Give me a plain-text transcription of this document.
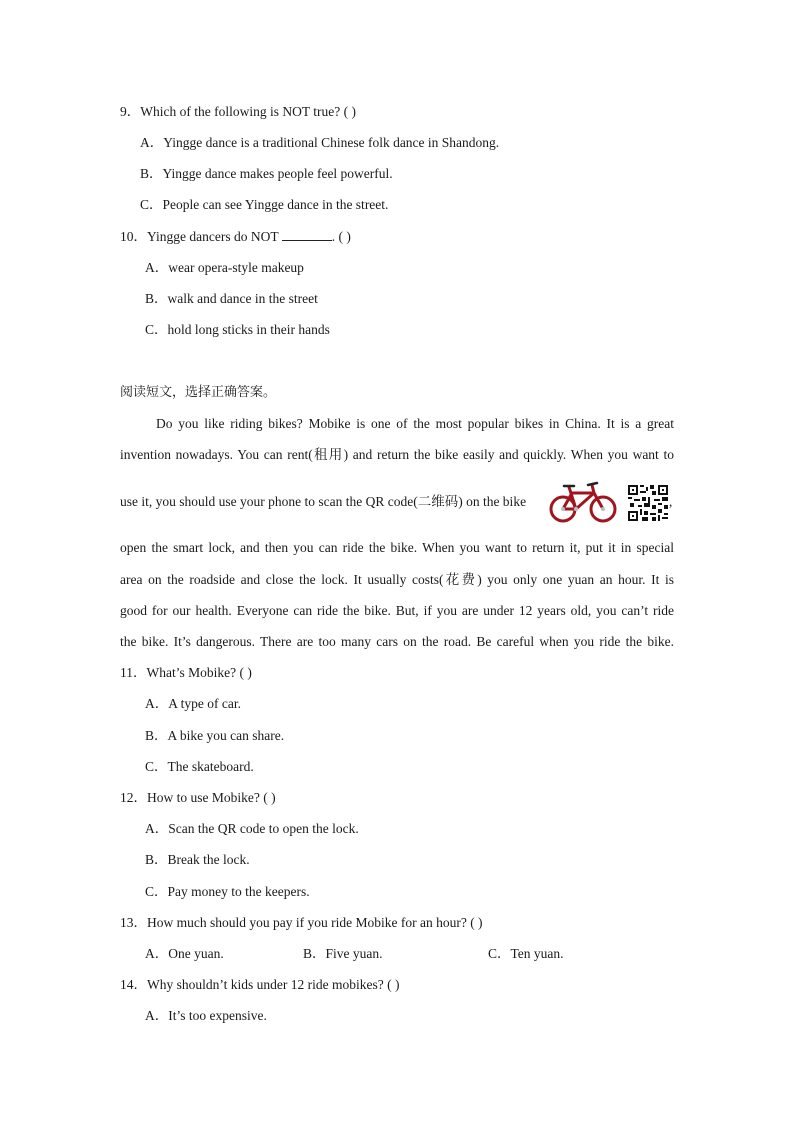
9．Which of the following is NOT true? ( )
A．Yingge dance is a traditional Chinese folk dance in Shandong.
B．Yingge dance makes people feel powerful.
C．People can see Yingge dance in the street.
10．Yingge dancers do NOT	. ( )
A．wear opera-style makeup
B．walk and dance in the street
C．hold long sticks in their hands
阅读短文，选择正确答案。
Do you like riding bikes? Mobike is one of the most popular bikes in China. It is a great
invention nowadays. You can rent(租用) and return the bike easily and quickly. When you want to
use it, you should use your phone to scan the QR code(二维码) on the bike	,
open the smart lock, and then you can ride the bike. When you want to return it, put it in special
area on the roadside and close the lock. It usually costs(花费) you only one yuan an hour. It is
good for our health. Everyone can ride the bike. But, if you are under 12 years old, you can’t ride
the bike. It’s dangerous. There are too many cars on the road. Be careful when you ride the bike.
11．What’s Mobike? ( )
A．A type of car.
B．A bike you can share.
C．The skateboard.
12．How to use Mobike? ( )
A．Scan the QR code to open the lock.
B．Break the lock.
C．Pay money to the keepers.
13．How much should you pay if you ride Mobike for an hour? ( )
A．One yuan.	B．Five yuan.	C．Ten yuan.
14．Why shouldn’t kids under 12 ride mobikes? ( )
A．It’s too expensive.
